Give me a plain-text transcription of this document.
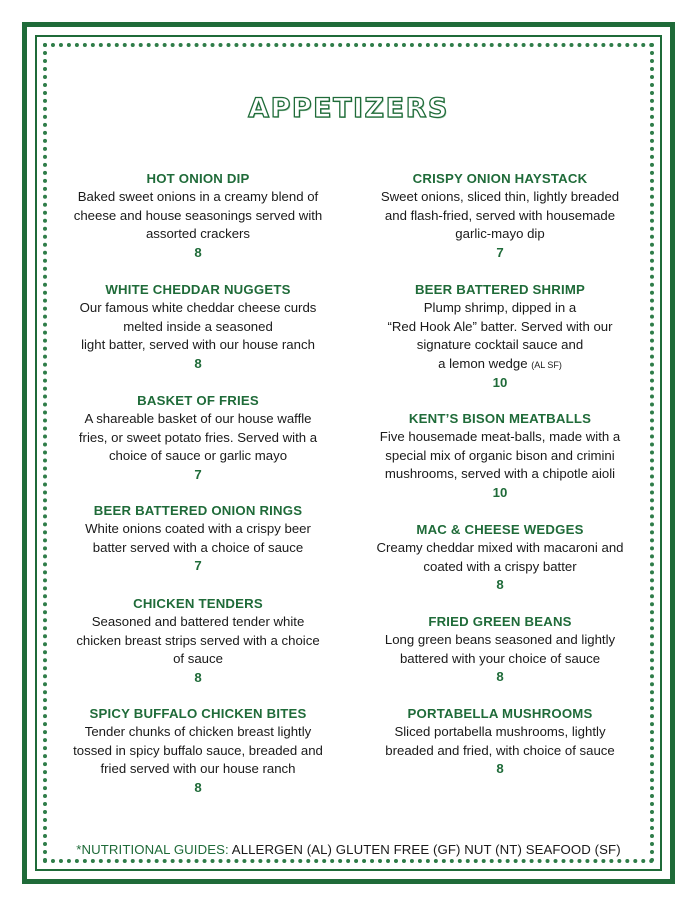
APPETIZERS
HOT ONION DIP
Baked sweet onions in a creamy blend of
cheese and house seasonings served with
assorted crackers
8
WHITE CHEDDAR NUGGETS
Our famous white cheddar cheese curds
melted inside a seasoned
light batter, served with our house ranch
8
BASKET OF FRIES
A shareable basket of our house waffle
fries, or sweet potato fries. Served with a
choice of sauce or garlic mayo
7
BEER BATTERED ONION RINGS
White onions coated with a crispy beer
batter served with a choice of sauce
7
CHICKEN TENDERS
Seasoned and battered tender white
chicken breast strips served with a choice
of sauce
8
SPICY BUFFALO CHICKEN BITES
Tender chunks of chicken breast lightly
tossed in spicy buffalo sauce, breaded and
fried served with our house ranch
8
CRISPY ONION HAYSTACK
Sweet onions, sliced thin, lightly breaded
and flash-fried, served with housemade
garlic-mayo dip
7
BEER BATTERED SHRIMP
Plump shrimp, dipped in a
“Red Hook Ale” batter. Served with our
signature cocktail sauce and
a lemon wedge (AL SF)
10
KENT’S BISON MEATBALLS
Five housemade meat-balls, made with a
special mix of organic bison and crimini
mushrooms, served with a chipotle aioli
10
MAC & CHEESE WEDGES
Creamy cheddar mixed with macaroni and
coated with a crispy batter
8
FRIED GREEN BEANS
Long green beans seasoned and lightly
battered with your choice of sauce
8
PORTABELLA MUSHROOMS
Sliced portabella mushrooms, lightly
breaded and fried, with choice of sauce
8
*NUTRITIONAL GUIDES: ALLERGEN (AL) GLUTEN FREE (GF) NUT (NT) SEAFOOD (SF)
